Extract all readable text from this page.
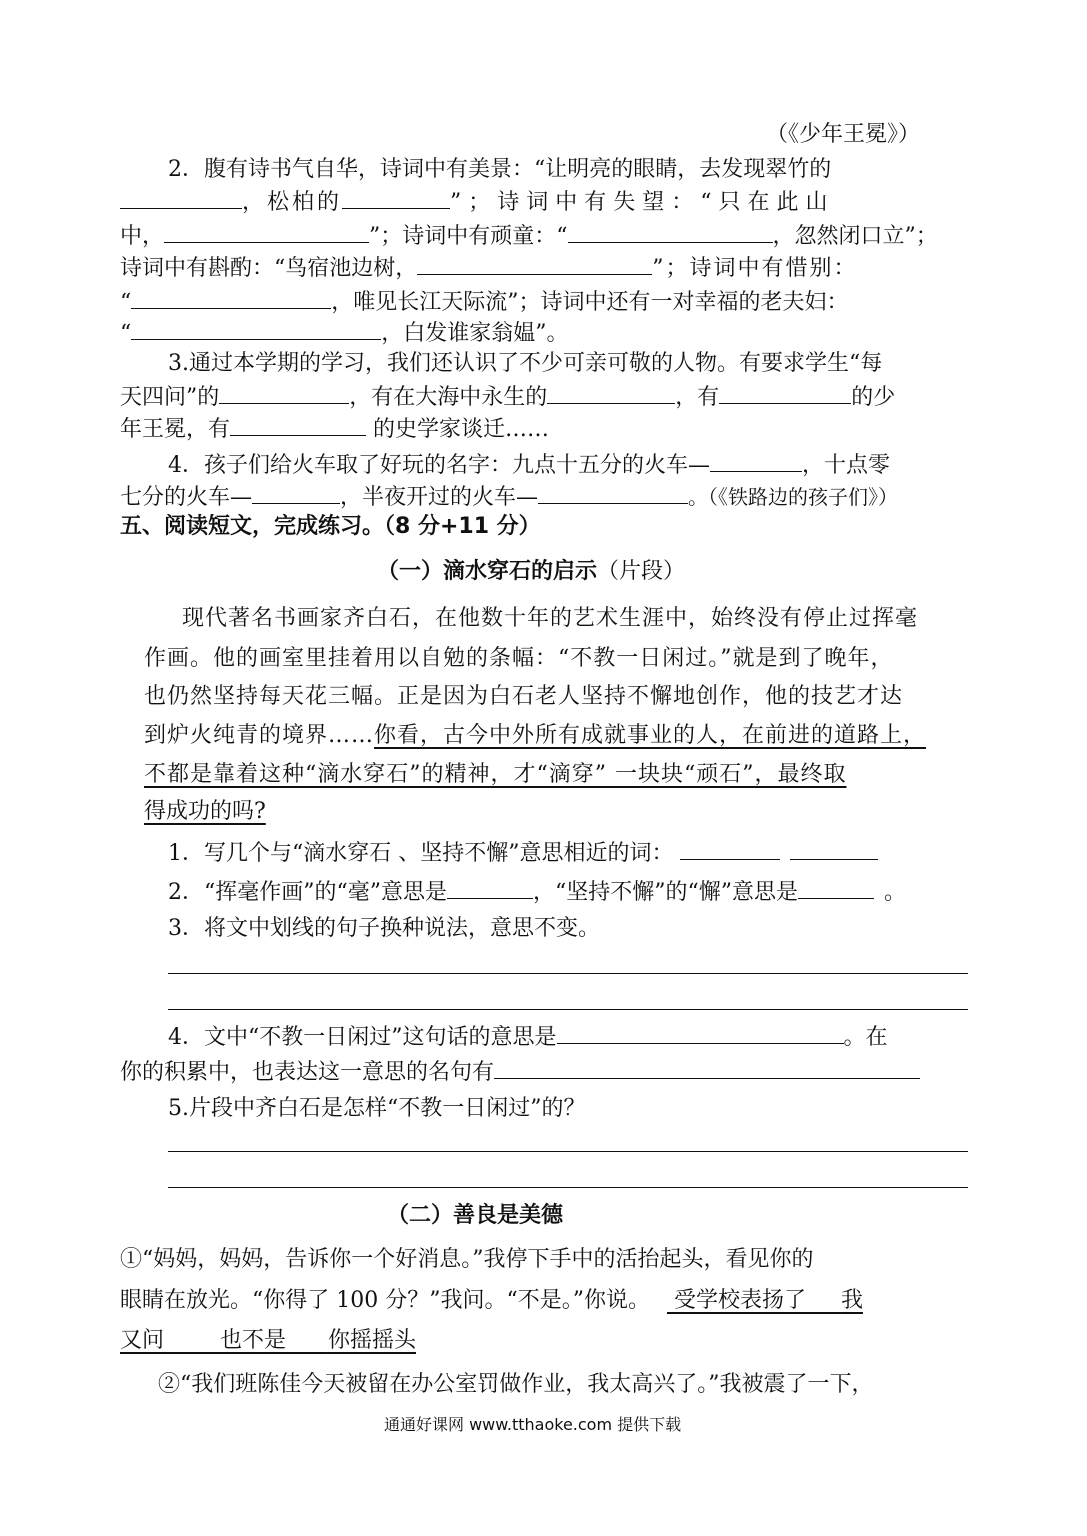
（《少年王冕》）
2．腹有诗书气自华，诗词中有美景：“让明亮的眼睛，去发现翠竹的
，松柏的	”；诗词中有失望：“只在此山
中，	”；诗词中有顽童：“	，忽然闭口立”；
诗词中有斟酌：“鸟宿池边树，	”；诗词中有惜别：
“	，唯见长江天际流”；诗词中还有一对幸福的老夫妇：
“	，白发谁家翁媪”。
3.通过本学期的学习，我们还认识了不少可亲可敬的人物。有要求学生“每
天四问”的	，有在大海中永生的	，有	的少
年王冕，有	的史学家谈迁……
4．孩子们给火车取了好玩的名字：九点十五分的火车—	，十点零
七分的火车—	，半夜开过的火车—	。（《铁路边的孩子们》）
五、阅读短文，完成练习。（8 分+11 分）
（一）滴水穿石的启示（片段）
现代著名书画家齐白石，在他数十年的艺术生涯中，始终没有停止过挥毫
作画。他的画室里挂着用以自勉的条幅：“不教一日闲过。”就是到了晚年，
也仍然坚持每天花三幅。正是因为白石老人坚持不懈地创作，他的技艺才达
到炉火纯青的境界……你看，古今中外所有成就事业的人，在前进的道路上，
不都是靠着这种“滴水穿石”的精神，才“滴穿” 一块块“顽石”，最终取
得成功的吗?
1．写几个与“滴水穿石 、坚持不懈”意思相近的词：
2．“挥毫作画”的“毫”意思是	，“坚持不懈”的“懈”意思是	。
3．将文中划线的句子换种说法，意思不变。
4．文中“不教一日闲过”这句话的意思是	。在
你的积累中，也表达这一意思的名句有
5.片段中齐白石是怎样“不教一日闲过”的？
（二）善良是美德
①“妈妈，妈妈，告诉你一个好消息。”我停下手中的活抬起头，看见你的
眼睛在放光。“你得了 100 分？”我问。“不是。”你说。 受学校表扬了 我
又问	也不是 你摇摇头
②“我们班陈佳今天被留在办公室罚做作业，我太高兴了。”我被震了一下，
通通好课网 www.tthaoke.com 提供下载
